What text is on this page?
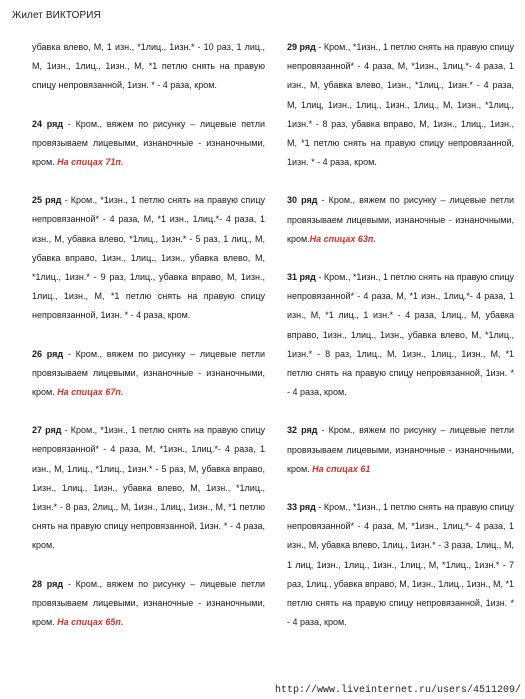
Жилет ВИКТОРИЯ

убавка влево, М, 1 изн., *1лиц., 1изн.* - 10 раз, 1 лиц., М, 1изн., 1лиц., 1изн., М, *1 петлю снять на правую спицу непровязанной, 1изн. * - 4 раза, кром.

24 ряд - Кром., вяжем по рисунку – лицевые петли провязываем лицевыми, изнаночные - изнаночными, кром. На спицах 71п.

25 ряд - Кром., *1изн., 1 петлю снять на правую спицу непровязанной* - 4 раза, М, *1 изн., 1лиц.*- 4 раза, 1 изн., М, убавка влево, *1лиц., 1изн.* - 5 раз, 1 лиц., М, убавка вправо, 1изн., 1лиц., 1изн., убавка влево, М, *1лиц., 1изн.* - 9 раз, 1лиц., убавка вправо, М, 1изн., 1лиц., 1изн., М, *1 петлю снять на правую спицу непровязанной, 1изн. * - 4 раза, кром.

26 ряд - Кром., вяжем по рисунку – лицевые петли провязываем лицевыми, изнаночные - изнаночными, кром. На спицах 67п.

27 ряд - Кром., *1изн., 1 петлю снять на правую спицу непровязанной* - 4 раза, М, *1изн., 1лиц.*- 4 раза, 1 изн., М, 1лиц., *1лиц., 1изн.* - 5 раз, М, убавка вправо, 1изн., 1лиц., 1изн., убавка влево, М, 1изн., *1лиц., 1изн.* - 8 раз, 2лиц., М, 1изн., 1лиц., 1изн., М, *1 петлю снять на правую спицу непровязанной, 1изн. * - 4 раза, кром.

28 ряд - Кром., вяжем по рисунку – лицевые петли провязываем лицевыми, изнаночные - изнаночными, кром. На спицах 65п.

29 ряд - Кром., *1изн., 1 петлю снять на правую спицу непровязанной* - 4 раза, М, *1изн., 1лиц.*- 4 раза, 1 изн., М, убавка влево, 1изн., *1лиц., 1изн.* - 4 раза, М, 1лиц, 1изн., 1лиц., 1изн., 1лиц., М, 1изн., *1лиц., 1изн.* - 8 раз, убавка вправо, М, 1изн., 1лиц., 1изн., М, *1 петлю снять на правую спицу непровязанной, 1изн. * - 4 раза, кром.

30 ряд - Кром., вяжем по рисунку – лицевые петли провязываем лицевыми, изнаночные - изнаночными, кром.На спицах 63п.

31 ряд - Кром., *1изн., 1 петлю снять на правую спицу непровязанной* - 4 раза, М, *1 изн., 1лиц.*- 4 раза, 1 изн., М, *1 лиц., 1 изн.* - 4 раза, 1лиц., М, убавка вправо, 1изн., 1лиц., 1изн., убавка влево, М, *1лиц., 1изн.* - 8 раз, 1лиц., М, 1изн., 1лиц., 1изн., М, *1 петлю снять на правую спицу непровязанной, 1изн. * - 4 раза, кром.

32 ряд - Кром., вяжем по рисунку – лицевые петли провязываем лицевыми, изнаночные - изнаночными, кром. На спицах 61

33 ряд - Кром., *1изн., 1 петлю снять на правую спицу непровязанной* - 4 раза, М, *1изн., 1лиц.*- 4 раза, 1 изн., М, убавка влево, 1лиц., 1изн.* - 3 раза, 1лиц., М, 1 лиц, 1изн., 1лиц., 1изн., 1лиц., М, *1лиц., 1изн.* - 7 раз, 1лиц., убавка вправо, М, 1изн., 1лиц., 1изн., М, *1 петлю снять на правую спицу непровязанной, 1изн. * - 4 раза, кром.

http://www.liveinternet.ru/users/4511209/
